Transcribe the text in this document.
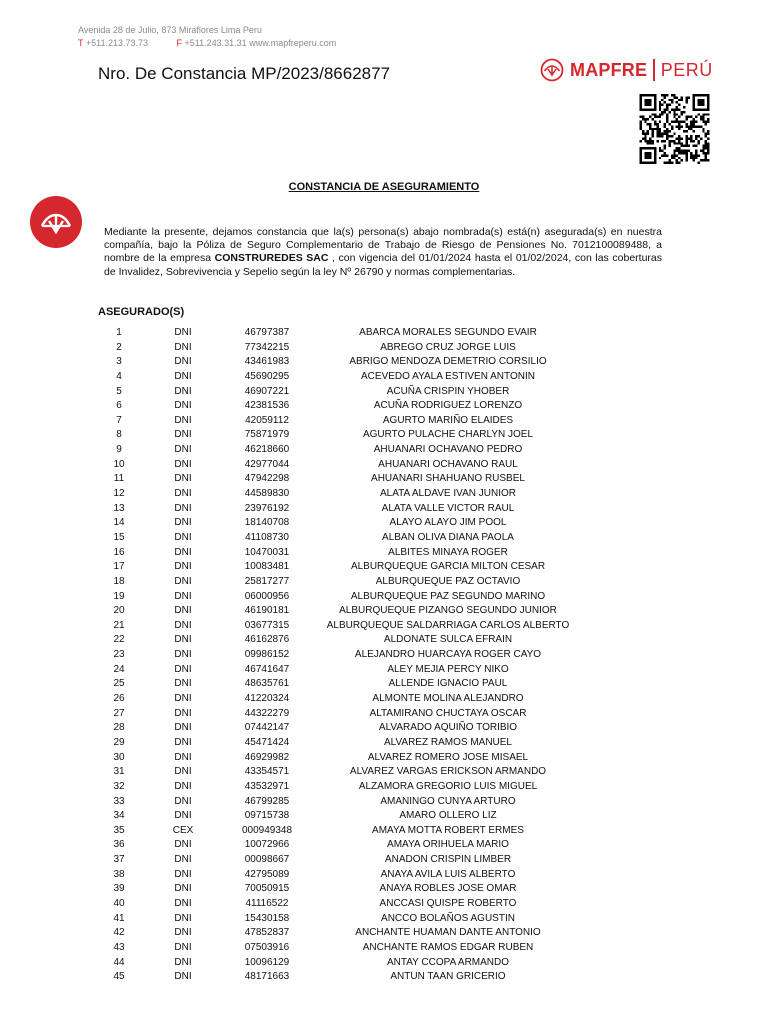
Avenida 28 de Julio, 873 Miraflores Lima Peru
T +511.213.73.73	F +511.243.31.31 www.mapfreperu.com
Nro. De Constancia MP/2023/8662877	MAPFRE PERÚ
CONSTANCIA DE ASEGURAMIENTO

Mediante la presente, dejamos constancia que la(s) persona(s) abajo nombrada(s) está(n) asegurada(s) en nuestra compañía, bajo la Póliza de Seguro Complementario de Trabajo de Riesgo de Pensiones No. 7012100089488, a nombre de la empresa CONSTRUREDES SAC , con vigencia del 01/01/2024 hasta el 01/02/2024, con las coberturas de Invalidez, Sobrevivencia y Sepelio según la ley Nº 26790 y normas complementarias.

ASEGURADO(S)
1	DNI	46797387	ABARCA MORALES SEGUNDO EVAIR
2	DNI	77342215	ABREGO CRUZ JORGE LUIS
3	DNI	43461983	ABRIGO MENDOZA DEMETRIO CORSILIO
4	DNI	45690295	ACEVEDO AYALA ESTIVEN ANTONIN
5	DNI	46907221	ACUÑA CRISPIN YHOBER
6	DNI	42381536	ACUÑA RODRIGUEZ LORENZO
7	DNI	42059112	AGURTO MARIÑO ELAIDES
8	DNI	75871979	AGURTO PULACHE CHARLYN JOEL
9	DNI	46218660	AHUANARI OCHAVANO PEDRO
10	DNI	42977044	AHUANARI OCHAVANO RAUL
11	DNI	47942298	AHUANARI SHAHUANO RUSBEL
12	DNI	44589830	ALATA ALDAVE IVAN JUNIOR
13	DNI	23976192	ALATA VALLE VICTOR RAUL
14	DNI	18140708	ALAYO ALAYO JIM POOL
15	DNI	41108730	ALBAN OLIVA DIANA PAOLA
16	DNI	10470031	ALBITES MINAYA ROGER
17	DNI	10083481	ALBURQUEQUE GARCIA MILTON CESAR
18	DNI	25817277	ALBURQUEQUE PAZ OCTAVIO
19	DNI	06000956	ALBURQUEQUE PAZ SEGUNDO MARINO
20	DNI	46190181	ALBURQUEQUE PIZANGO SEGUNDO JUNIOR
21	DNI	03677315	ALBURQUEQUE SALDARRIAGA CARLOS ALBERTO
22	DNI	46162876	ALDONATE SULCA EFRAIN
23	DNI	09986152	ALEJANDRO HUARCAYA ROGER CAYO
24	DNI	46741647	ALEY MEJIA PERCY NIKO
25	DNI	48635761	ALLENDE IGNACIO PAUL
26	DNI	41220324	ALMONTE MOLINA ALEJANDRO
27	DNI	44322279	ALTAMIRANO CHUCTAYA OSCAR
28	DNI	07442147	ALVARADO AQUIÑO TORIBIO
29	DNI	45471424	ALVAREZ RAMOS MANUEL
30	DNI	46929982	ALVAREZ ROMERO JOSE MISAEL
31	DNI	43354571	ALVAREZ VARGAS ERICKSON ARMANDO
32	DNI	43532971	ALZAMORA GREGORIO LUIS MIGUEL
33	DNI	46799285	AMANINGO CUNYA ARTURO
34	DNI	09715738	AMARO OLLERO LIZ
35	CEX	000949348	AMAYA MOTTA ROBERT ERMES
36	DNI	10072966	AMAYA ORIHUELA MARIO
37	DNI	00098667	ANADON CRISPIN LIMBER
38	DNI	42795089	ANAYA AVILA LUIS ALBERTO
39	DNI	70050915	ANAYA ROBLES JOSE OMAR
40	DNI	41116522	ANCCASI QUISPE ROBERTO
41	DNI	15430158	ANCCO BOLAÑOS AGUSTIN
42	DNI	47852837	ANCHANTE HUAMAN DANTE ANTONIO
43	DNI	07503916	ANCHANTE RAMOS EDGAR RUBEN
44	DNI	10096129	ANTAY CCOPA ARMANDO
45	DNI	48171663	ANTUN TAAN GRICERIO
